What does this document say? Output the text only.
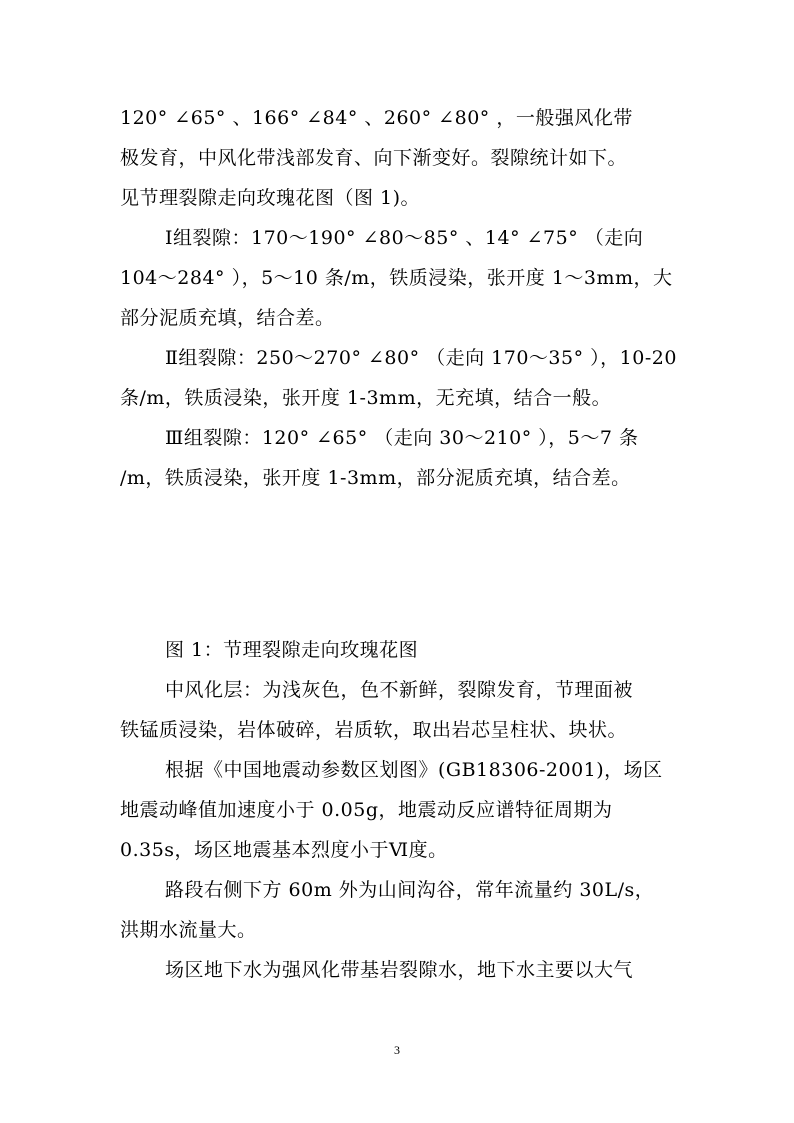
120° ∠65° 、166° ∠84° 、260° ∠80° ，一般强风化带
极发育，中风化带浅部发育、向下渐变好。裂隙统计如下。
见节理裂隙走向玫瑰花图（图 1)。
Ⅰ组裂隙：170～190° ∠80～85° 、14° ∠75° （走向
104～284° ），5～10 条/m，铁质浸染，张开度 1～3mm，大
部分泥质充填，结合差。
Ⅱ组裂隙：250～270° ∠80° （走向 170～35° ），10-20
条/m，铁质浸染，张开度 1-3mm，无充填，结合一般。
Ⅲ组裂隙：120° ∠65° （走向 30～210° ），5～7 条
/m，铁质浸染，张开度 1-3mm，部分泥质充填，结合差。
图 1：节理裂隙走向玫瑰花图
中风化层：为浅灰色，色不新鲜，裂隙发育，节理面被
铁锰质浸染，岩体破碎，岩质软，取出岩芯呈柱状、块状。
根据《中国地震动参数区划图》(GB18306-2001)，场区
地震动峰值加速度小于 0.05g，地震动反应谱特征周期为
0.35s，场区地震基本烈度小于Ⅵ度。
路段右侧下方 60m 外为山间沟谷，常年流量约 30L/s，
洪期水流量大。
场区地下水为强风化带基岩裂隙水，地下水主要以大气
3
